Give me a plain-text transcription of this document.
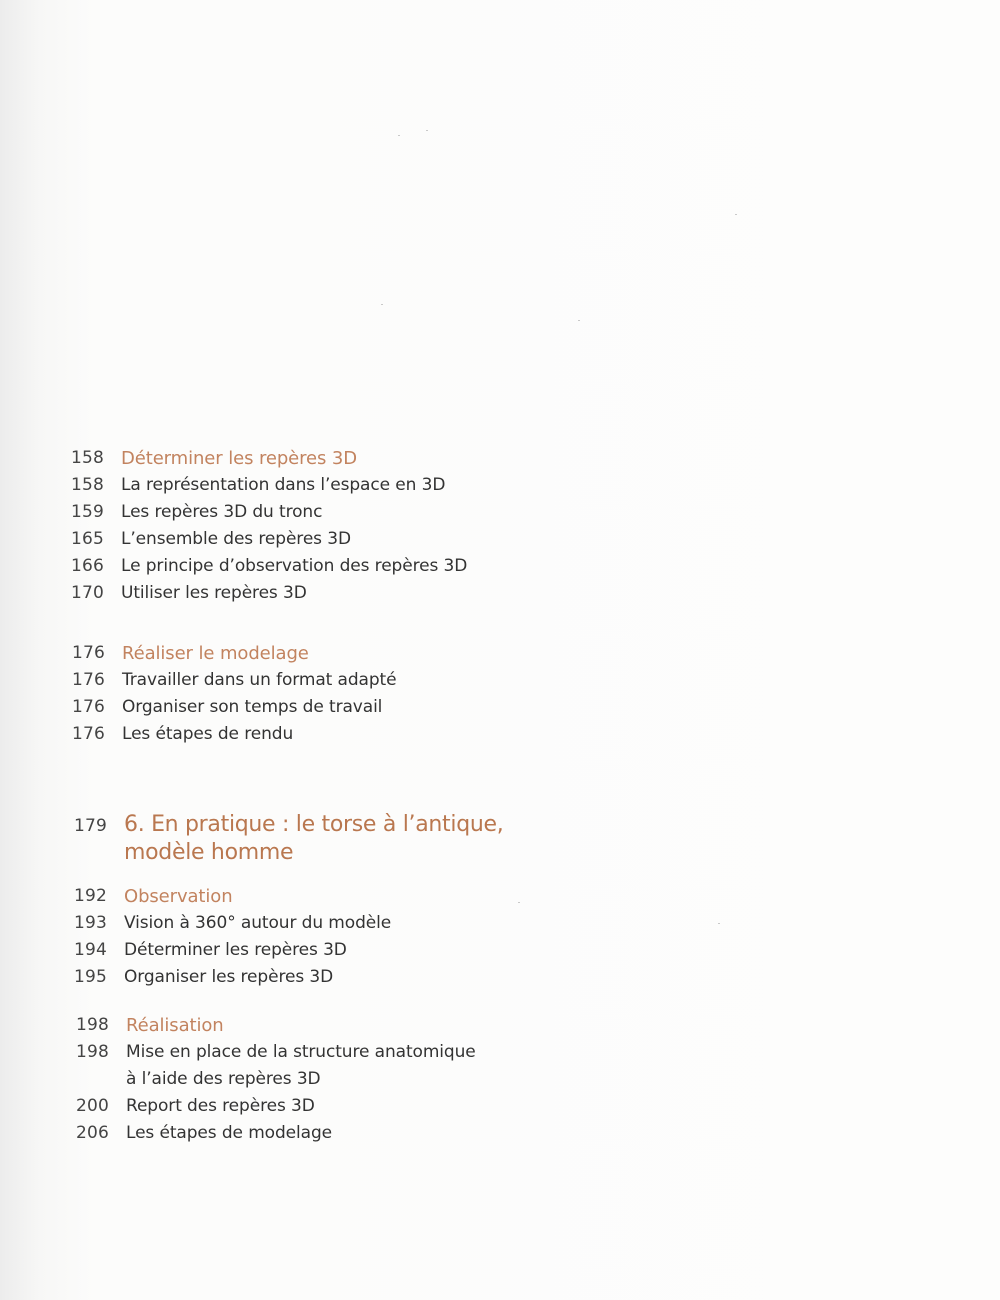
158 Déterminer les repères 3D
158 La représentation dans l’espace en 3D
159 Les repères 3D du tronc
165 L’ensemble des repères 3D
166 Le principe d’observation des repères 3D
170 Utiliser les repères 3D
176 Réaliser le modelage
176 Travailler dans un format adapté
176 Organiser son temps de travail
176 Les étapes de rendu
179 6. En pratique : le torse à l’antique,
modèle homme
192 Observation
193 Vision à 360° autour du modèle
194 Déterminer les repères 3D
195 Organiser les repères 3D
198 Réalisation
198 Mise en place de la structure anatomique
à l’aide des repères 3D
200 Report des repères 3D
206 Les étapes de modelage
